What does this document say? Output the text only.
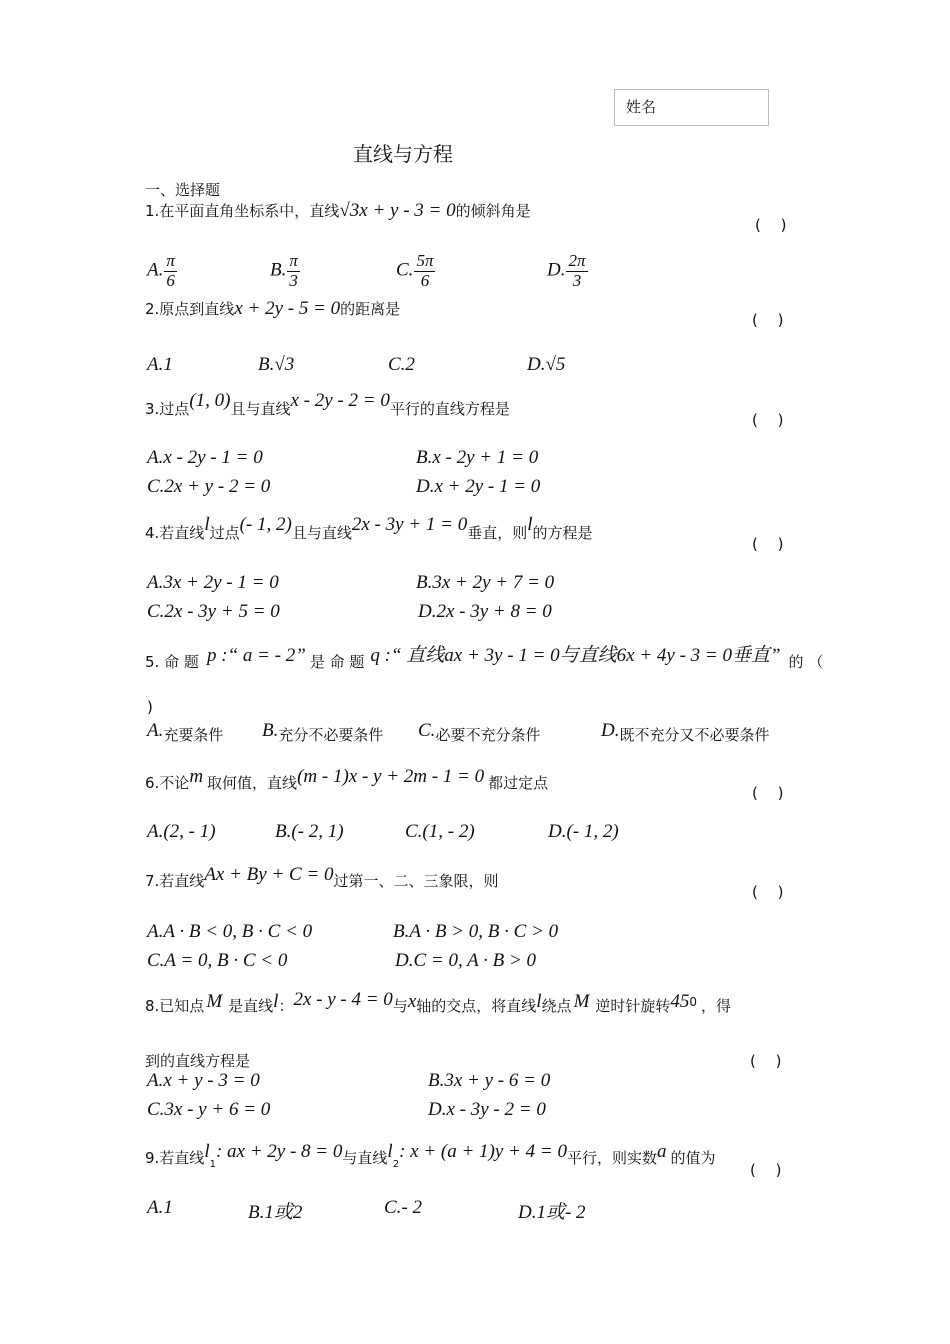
姓名
直线与方程
一、选择题
1.在平面直角坐标系中，直线√3x + y - 3 = 0的倾斜角是
(　 )
A. $\frac{\pi}{6}$	B. $\frac{\pi}{3}$	C. $\frac{5\pi}{6}$	D. $\frac{2\pi}{3}$
2.原点到直线x + 2y - 5 = 0的距离是
(　 )
A.1	B.√3	C.2	D.√5
3.过点(1, 0)且与直线x - 2y - 2 = 0平行的直线方程是
(　 )
A.x - 2y - 1 = 0	B.x - 2y + 1 = 0
C.2x + y - 2 = 0	D.x + 2y - 1 = 0
4.若直线l过点(- 1, 2)且与直线2x - 3y + 1 = 0垂直，则l的方程是
(　 )
A.3x + 2y - 1 = 0	B.3x + 2y + 7 = 0
C.2x - 3y + 5 = 0	D.2x - 3y + 8 = 0
5. 命 题 p :“ a = - 2” 是 命 题 q :“ 直线ax + 3y - 1 = 0与直线6x + 4y - 3 = 0垂直” 的 （
)
A.充要条件 B.充分不必要条件 C.必要不充分条件	D.既不充分又不必要条件
6.不论m 取何值，直线(m - 1)x - y + 2m - 1 = 0 都过定点
(　 )
A.(2, - 1)	B.(- 2, 1)	C.(1, - 2)	D.(- 1, 2)
7.若直线Ax + By + C = 0过第一、二、三象限，则
(　 )
A.A · B < 0, B · C < 0	B.A · B > 0, B · C > 0
C.A = 0, B · C < 0	D.C = 0, A · B > 0
8.已知点 M 是直线l：2x - y - 4 = 0与x轴的交点，将直线l绕点 M 逆时针旋转$45^0$ ，得
到的直线方程是	(　 )
A.x + y - 3 = 0	B.3x + y - 6 = 0
C.3x - y + 6 = 0	D.x - 3y - 2 = 0
9.若直线$l_1$: ax + 2y - 8 = 0与直线$l_2$: x + (a + 1)y + 4 = 0平行，则实数a 的值为
(　 )
A.1	B.1或2	C.- 2	D.1或- 2
